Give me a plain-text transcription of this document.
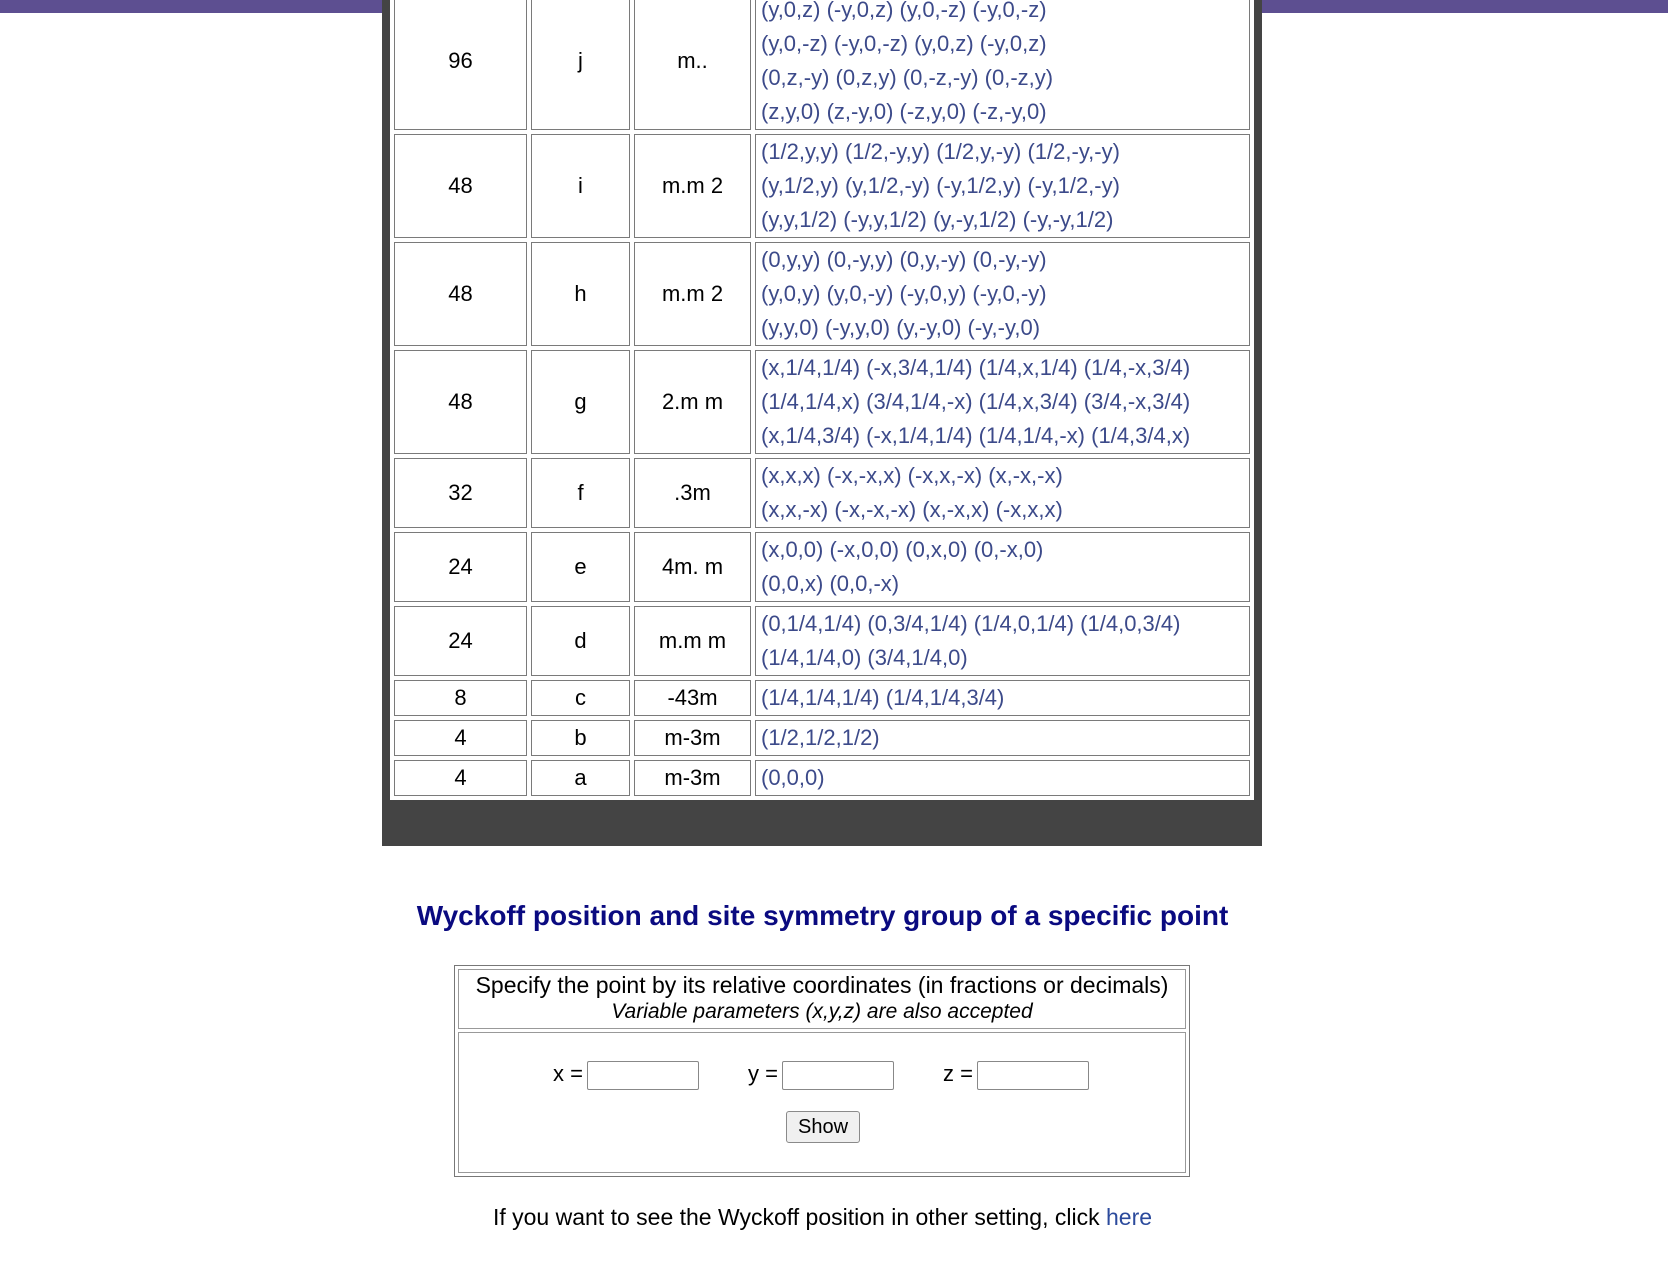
96	j	m..	(y,0,z) (-y,0,z) (y,0,-z) (-y,0,-z)
(y,0,-z) (-y,0,-z) (y,0,z) (-y,0,z)
(0,z,-y) (0,z,y) (0,-z,-y) (0,-z,y)
(z,y,0) (z,-y,0) (-z,y,0) (-z,-y,0)

48	i	m.m 2	(1/2,y,y) (1/2,-y,y) (1/2,y,-y) (1/2,-y,-y)
(y,1/2,y) (y,1/2,-y) (-y,1/2,y) (-y,1/2,-y)
(y,y,1/2) (-y,y,1/2) (y,-y,1/2) (-y,-y,1/2)

48	h	m.m 2	(0,y,y) (0,-y,y) (0,y,-y) (0,-y,-y)
(y,0,y) (y,0,-y) (-y,0,y) (-y,0,-y)
(y,y,0) (-y,y,0) (y,-y,0) (-y,-y,0)

48	g	2.m m	(x,1/4,1/4) (-x,3/4,1/4) (1/4,x,1/4) (1/4,-x,3/4)
(1/4,1/4,x) (3/4,1/4,-x) (1/4,x,3/4) (3/4,-x,3/4)
(x,1/4,3/4) (-x,1/4,1/4) (1/4,1/4,-x) (1/4,3/4,x)

32	f	.3m	(x,x,x) (-x,-x,x) (-x,x,-x) (x,-x,-x)
(x,x,-x) (-x,-x,-x) (x,-x,x) (-x,x,x)

24	e	4m. m	(x,0,0) (-x,0,0) (0,x,0) (0,-x,0)
(0,0,x) (0,0,-x)

24	d	m.m m	(0,1/4,1/4) (0,3/4,1/4) (1/4,0,1/4) (1/4,0,3/4)
(1/4,1/4,0) (3/4,1/4,0)

8	c	-43m	(1/4,1/4,1/4) (1/4,1/4,3/4)

4	b	m-3m	(1/2,1/2,1/2)

4	a	m-3m	(0,0,0)
Wyckoff position and site symmetry group of a specific point
Specify the point by its relative coordinates (in fractions or decimals)
Variable parameters (x,y,z) are also accepted
x =	y =	z =
Show
If you want to see the Wyckoff position in other setting, click here
